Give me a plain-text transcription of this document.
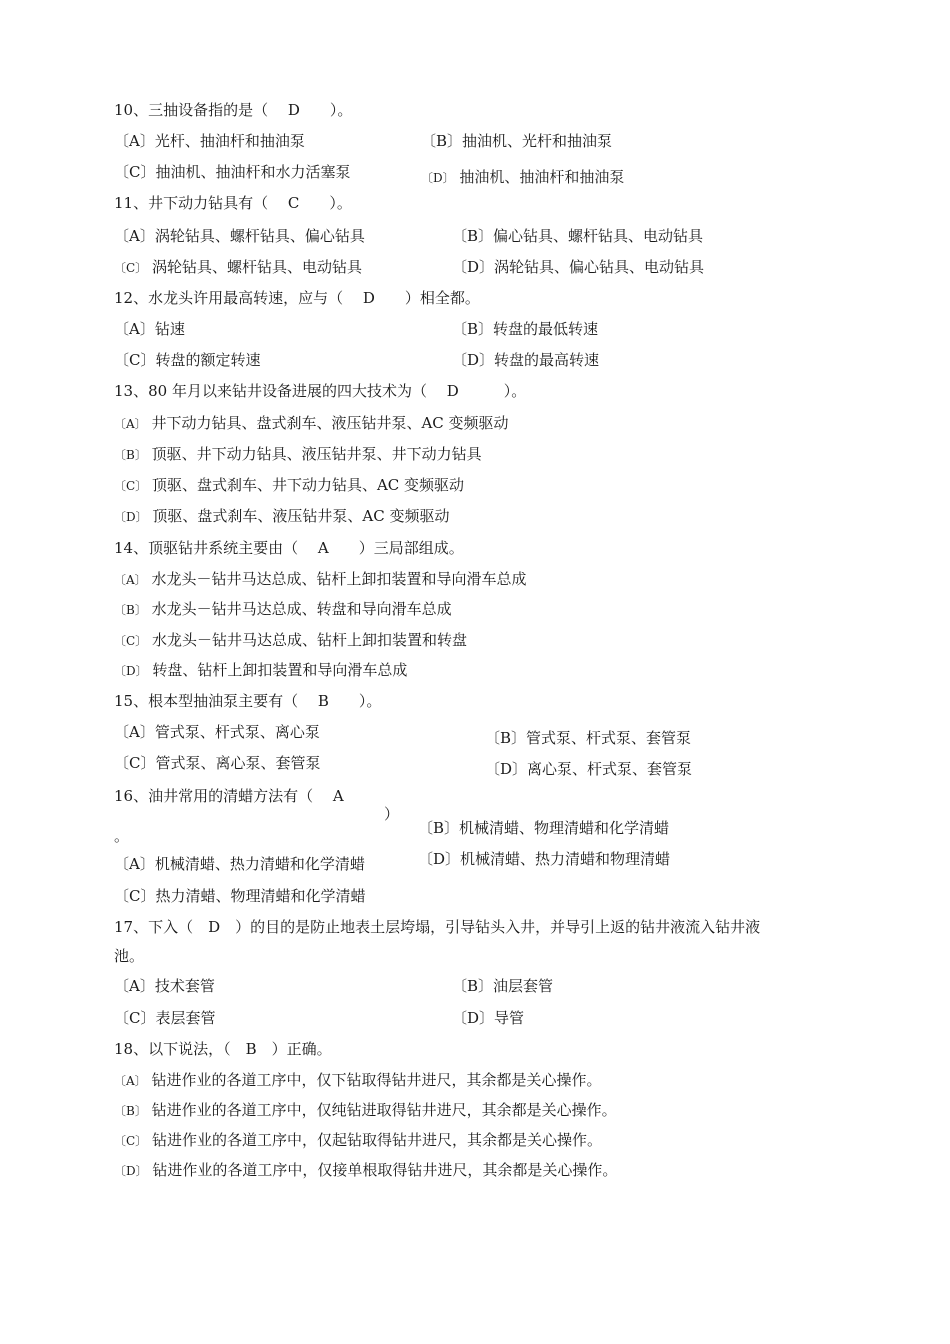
10、三抽设备指的是（　 D　　）。
〔A〕光杆、抽油杆和抽油泵	〔B〕抽油机、光杆和抽油泵
〔C〕抽油机、抽油杆和水力活塞泵	〔D〕 抽油机、抽油杆和抽油泵
11、井下动力钻具有（　 C　　）。
〔A〕涡轮钻具、螺杆钻具、偏心钻具	〔B〕偏心钻具、螺杆钻具、电动钻具
〔C〕 涡轮钻具、螺杆钻具、电动钻具	〔D〕涡轮钻具、偏心钻具、电动钻具
12、水龙头许用最高转速，应与（　 D　　）相全都。
〔A〕钻速	〔B〕转盘的最低转速
〔C〕转盘的额定转速	〔D〕转盘的最高转速
13、80 年月以来钻井设备进展的四大技术为（　 D　　　）。
〔A〕 井下动力钻具、盘式刹车、液压钻井泵、AC 变频驱动
〔B〕 顶驱、井下动力钻具、液压钻井泵、井下动力钻具
〔C〕 顶驱、盘式刹车、井下动力钻具、AC 变频驱动
〔D〕 顶驱、盘式刹车、液压钻井泵、AC 变频驱动
14、顶驱钻井系统主要由（　 A　　）三局部组成。
〔A〕 水龙头－钻井马达总成、钻杆上卸扣装置和导向滑车总成
〔B〕 水龙头－钻井马达总成、转盘和导向滑车总成
〔C〕 水龙头－钻井马达总成、钻杆上卸扣装置和转盘
〔D〕 转盘、钻杆上卸扣装置和导向滑车总成
15、根本型抽油泵主要有（　 B　　）。
〔A〕管式泵、杆式泵、离心泵	〔B〕管式泵、杆式泵、套管泵
〔C〕管式泵、离心泵、套管泵	〔D〕离心泵、杆式泵、套管泵
16、油井常用的清蜡方法有（　 A
）
。	〔B〕机械清蜡、物理清蜡和化学清蜡
〔A〕机械清蜡、热力清蜡和化学清蜡	〔D〕机械清蜡、热力清蜡和物理清蜡
〔C〕热力清蜡、物理清蜡和化学清蜡
17、下入（　D　）的目的是防止地表土层垮塌，引导钻头入井，并导引上返的钻井液流入钻井液
池。
〔A〕技术套管	〔B〕油层套管
〔C〕表层套管	〔D〕导管
18、以下说法，（　B　）正确。
〔A〕 钻进作业的各道工序中，仅下钻取得钻井进尺，其余都是关心操作。
〔B〕 钻进作业的各道工序中，仅纯钻进取得钻井进尺，其余都是关心操作。
〔C〕 钻进作业的各道工序中，仅起钻取得钻井进尺，其余都是关心操作。
〔D〕 钻进作业的各道工序中，仅接单根取得钻井进尺，其余都是关心操作。
